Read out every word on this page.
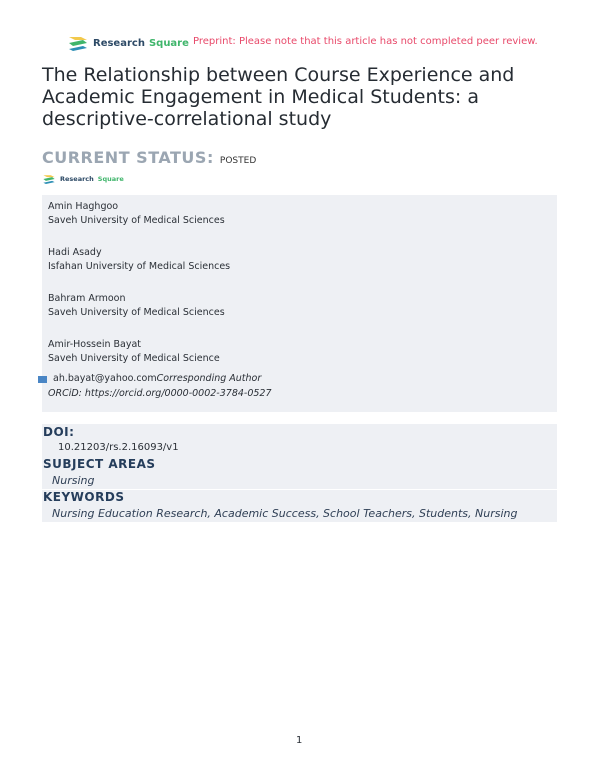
Research Square Preprint: Please note that this article has not completed peer review.
The Relationship between Course Experience and Academic Engagement in Medical Students: a descriptive-correlational study
CURRENT STATUS: POSTED
Research Square
Amin Haghgoo
Saveh University of Medical Sciences
Hadi Asady
Isfahan University of Medical Sciences
Bahram Armoon
Saveh University of Medical Sciences
Amir-Hossein Bayat
Saveh University of Medical Science
ah.bayat@yahoo.com Corresponding Author
ORCiD: https://orcid.org/0000-0002-3784-0527
DOI:
10.21203/rs.2.16093/v1
SUBJECT AREAS
Nursing
KEYWORDS
Nursing Education Research, Academic Success, School Teachers, Students, Nursing
1
